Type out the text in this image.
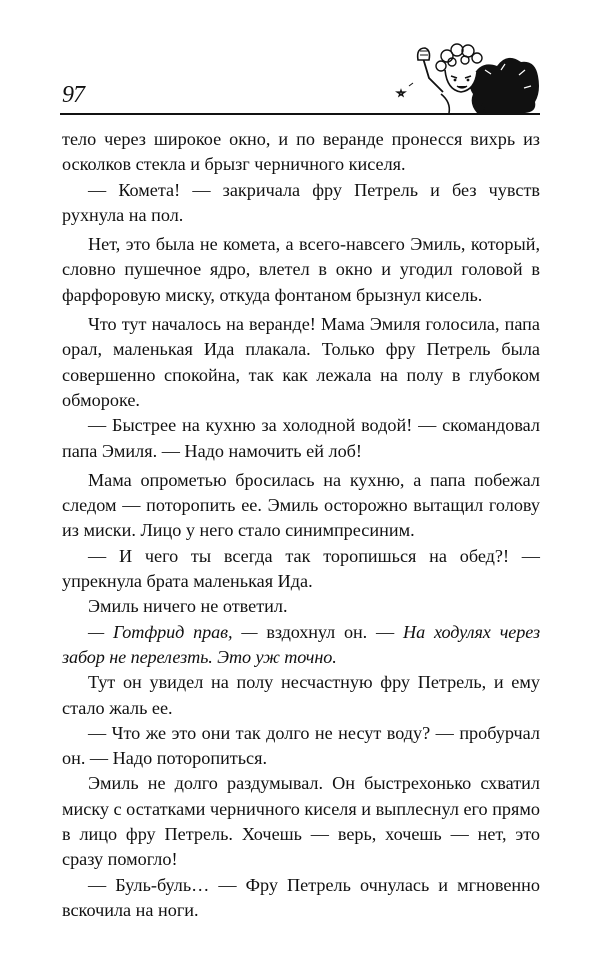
97

тело через широкое окно, и по веранде пронесся вихрь из осколков стекла и брызг черничного киселя.

— Комета! — закричала фру Петрель и без чувств рухнула на пол.

Нет, это была не комета, а всего-навсего Эмиль, который, словно пушечное ядро, влетел в окно и угодил головой в фарфоровую миску, откуда фонтаном брызнул кисель.

Что тут началось на веранде! Мама Эмиля голосила, папа орал, маленькая Ида плакала. Только фру Петрель была совершенно спокойна, так как лежала на полу в глубоком обмороке.

— Быстрее на кухню за холодной водой! — скомандовал папа Эмиля. — Надо намочить ей лоб!

Мама опрометью бросилась на кухню, а папа побежал следом — поторопить ее. Эмиль осторожно вытащил голову из миски. Лицо у него стало синимпресиним.

— И чего ты всегда так торопишься на обед?! — упрекнула брата маленькая Ида.

Эмиль ничего не ответил.

— Готфрид прав, — вздохнул он. — На ходулях через забор не перелезть. Это уж точно.

Тут он увидел на полу несчастную фру Петрель, и ему стало жаль ее.

— Что же это они так долго не несут воду? — пробурчал он. — Надо поторопиться.

Эмиль не долго раздумывал. Он быстрехонько схватил миску с остатками черничного киселя и выплеснул его прямо в лицо фру Петрель. Хочешь — верь, хочешь — нет, это сразу помогло!

— Буль-буль… — Фру Петрель очнулась и мгновенно вскочила на ноги.
